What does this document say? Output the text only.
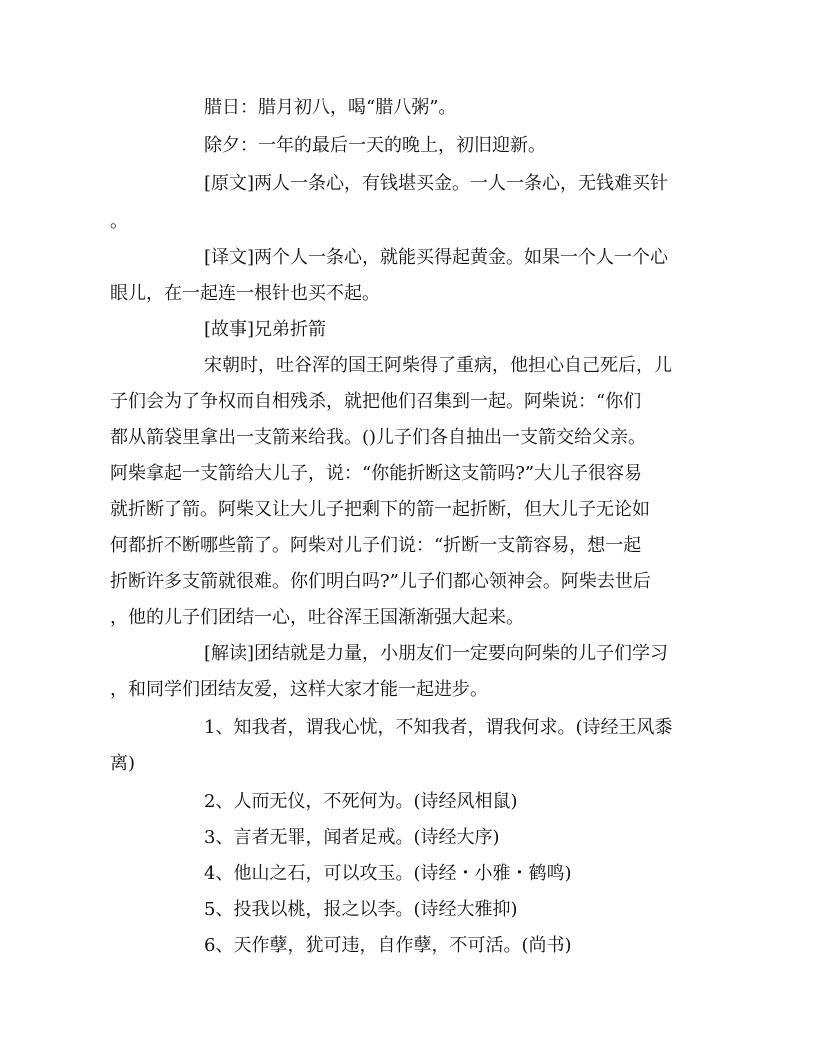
腊日：腊月初八，喝“腊八粥”。
除夕：一年的最后一天的晚上，初旧迎新。
[原文]两人一条心，有钱堪买金。一人一条心，无钱难买针
。
[译文]两个人一条心，就能买得起黄金。如果一个人一个心
眼儿，在一起连一根针也买不起。
[故事]兄弟折箭
宋朝时，吐谷浑的国王阿柴得了重病，他担心自己死后，儿
子们会为了争权而自相残杀，就把他们召集到一起。阿柴说：“你们
都从箭袋里拿出一支箭来给我。()儿子们各自抽出一支箭交给父亲。
阿柴拿起一支箭给大儿子，说：“你能折断这支箭吗?”大儿子很容易
就折断了箭。阿柴又让大儿子把剩下的箭一起折断，但大儿子无论如
何都折不断哪些箭了。阿柴对儿子们说：“折断一支箭容易，想一起
折断许多支箭就很难。你们明白吗?”儿子们都心领神会。阿柴去世后
，他的儿子们团结一心，吐谷浑王国渐渐强大起来。
[解读]团结就是力量，小朋友们一定要向阿柴的儿子们学习
，和同学们团结友爱，这样大家才能一起进步。
1、知我者，谓我心忧，不知我者，谓我何求。(诗经王风黍
离)
2、人而无仪，不死何为。(诗经风相鼠)
3、言者无罪，闻者足戒。(诗经大序)
4、他山之石，可以攻玉。(诗经・小雅・鹤鸣)
5、投我以桃，报之以李。(诗经大雅抑)
6、天作孽，犹可违，自作孽，不可活。(尚书)
